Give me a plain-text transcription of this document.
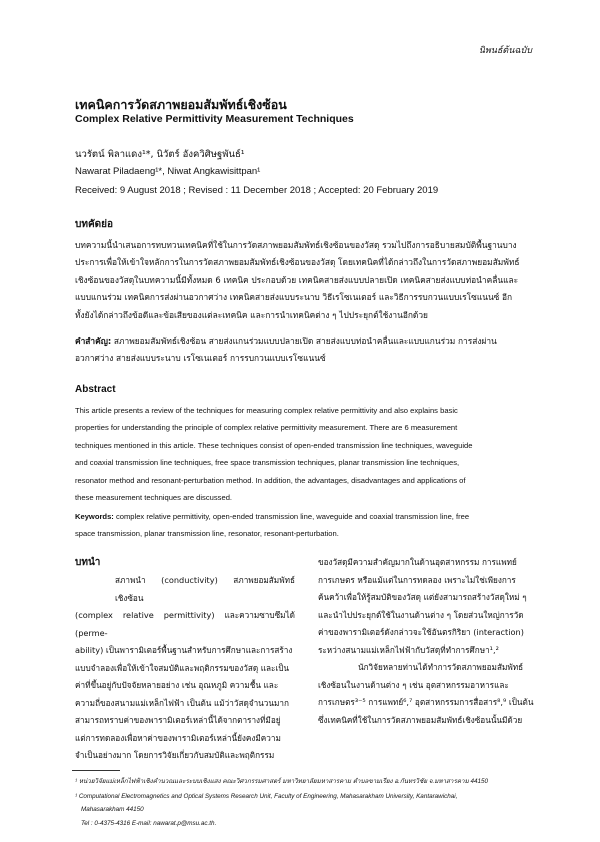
นิพนธ์ต้นฉบับ
เทคนิคการวัดสภาพยอมสัมพัทธ์เชิงซ้อน
Complex Relative Permittivity Measurement Techniques
นวรัตน์ พิลาแดง¹*, นิวัตร์ อังควิศิษฐพันธ์¹
Nawarat Piladaeng¹*, Niwat Angkawisittpan¹
Received: 9 August 2018 ; Revised : 11 December 2018 ; Accepted: 20 February 2019
บทคัดย่อ
บทความนี้นำเสนอการทบทวนเทคนิคที่ใช้ในการวัดสภาพยอมสัมพัทธ์เชิงซ้อนของวัสดุ รวมไปถึงการอธิบายสมบัติพื้นฐานบาง
ประการเพื่อให้เข้าใจหลักการในการวัดสภาพยอมสัมพัทธ์เชิงซ้อนของวัสดุ โดยเทคนิคที่ได้กล่าวถึงในการวัดสภาพยอมสัมพัทธ์
เชิงซ้อนของวัสดุในบทความนี้มีทั้งหมด 6 เทคนิค ประกอบด้วย เทคนิคสายส่งแบบปลายเปิด เทคนิคสายส่งแบบท่อนำคลื่นและ
แบบแกนร่วม เทคนิคการส่งผ่านอวกาศว่าง เทคนิคสายส่งแบบระนาบ วิธีเรโซเนเตอร์ และวิธีการรบกวนแบบเรโซแนนซ์ อีก
ทั้งยังได้กล่าวถึงข้อดีและข้อเสียของแต่ละเทคนิค และการนำเทคนิคต่าง ๆ ไปประยุกต์ใช้งานอีกด้วย
คำสำคัญ: สภาพยอมสัมพัทธ์เชิงซ้อน สายส่งแกนร่วมแบบปลายเปิด สายส่งแบบท่อนำคลื่นและแบบแกนร่วม การส่งผ่าน
อวกาศว่าง สายส่งแบบระนาบ เรโซเนเตอร์ การรบกวนแบบเรโซแนนซ์
Abstract
This article presents a review of the techniques for measuring complex relative permittivity and also explains basic
properties for understanding the principle of complex relative permittivity measurement. There are 6 measurement
techniques mentioned in this article. These techniques consist of open-ended transmission line techniques, waveguide
and coaxial transmission line techniques, free space transmission techniques, planar transmission line techniques,
resonator method and resonant-perturbation method. In addition, the advantages, disadvantages and applications of
these measurement techniques are discussed.
Keywords: complex relative permittivity, open-ended transmission line, waveguide and coaxial transmission line, free
space transmission, planar transmission line, resonator, resonant-perturbation.
บทนำ
สภาพนำ (conductivity) สภาพยอมสัมพัทธ์เชิงซ้อน
(complex relative permittivity) และความซาบซึมได้ (perme-
ability) เป็นพารามิเตอร์พื้นฐานสำหรับการศึกษาและการสร้าง
แบบจำลองเพื่อให้เข้าใจสมบัติและพฤติกรรมของวัสดุ และเป็น
ค่าที่ขึ้นอยู่กับปัจจัยหลายอย่าง เช่น อุณหภูมิ ความชื้น และ
ความถี่ของสนามแม่เหล็กไฟฟ้า เป็นต้น แม้ว่าวัสดุจำนวนมาก
สามารถทราบค่าของพารามิเตอร์เหล่านี้ได้จากตารางที่มีอยู่
แต่การทดลองเพื่อหาค่าของพารามิเตอร์เหล่านี้ยังคงมีความ
จำเป็นอย่างมาก โดยการวิจัยเกี่ยวกับสมบัติและพฤติกรรม
ของวัสดุมีความสำคัญมากในด้านอุตสาหกรรม การแพทย์
การเกษตร หรือแม้แต่ในการทดลอง เพราะไม่ใช่เพียงการ
ค้นคว้าเพื่อให้รู้สมบัติของวัสดุ แต่ยังสามารถสร้างวัสดุใหม่ ๆ
และนำไปประยุกต์ใช้ในงานด้านต่าง ๆ โดยส่วนใหญ่การวัด
ค่าของพารามิเตอร์ดังกล่าวจะใช้อันตรกิริยา (interaction)
ระหว่างสนามแม่เหล็กไฟฟ้ากับวัสดุที่ทำการศึกษา¹,²
นักวิจัยหลายท่านได้ทำการวัดสภาพยอมสัมพัทธ์
เชิงซ้อนในงานด้านต่าง ๆ เช่น อุตสาหกรรมอาหารและ
การเกษตร³⁻⁵ การแพทย์⁶,⁷ อุตสาหกรรมการสื่อสาร⁸,⁹ เป็นต้น
ซึ่งเทคนิคที่ใช้ในการวัดสภาพยอมสัมพัทธ์เชิงซ้อนนั้นมีด้วย
¹ หน่วยวิจัยแม่เหล็กไฟฟ้าเชิงคำนวณและระบบเชิงแสง คณะวิศวกรรมศาสตร์ มหาวิทยาลัยมหาสารคาม ตำบลขามเรียง อ.กันทรวิชัย จ.มหาสารคาม 44150
¹ Computational Electromagnetics and Optical Systems Research Unit, Faculty of Engineering, Mahasarakham University, Kantarawichai,
Mahasarakham 44150
Tel : 0-4375-4316 E-mail: nawarat.p@msu.ac.th.
